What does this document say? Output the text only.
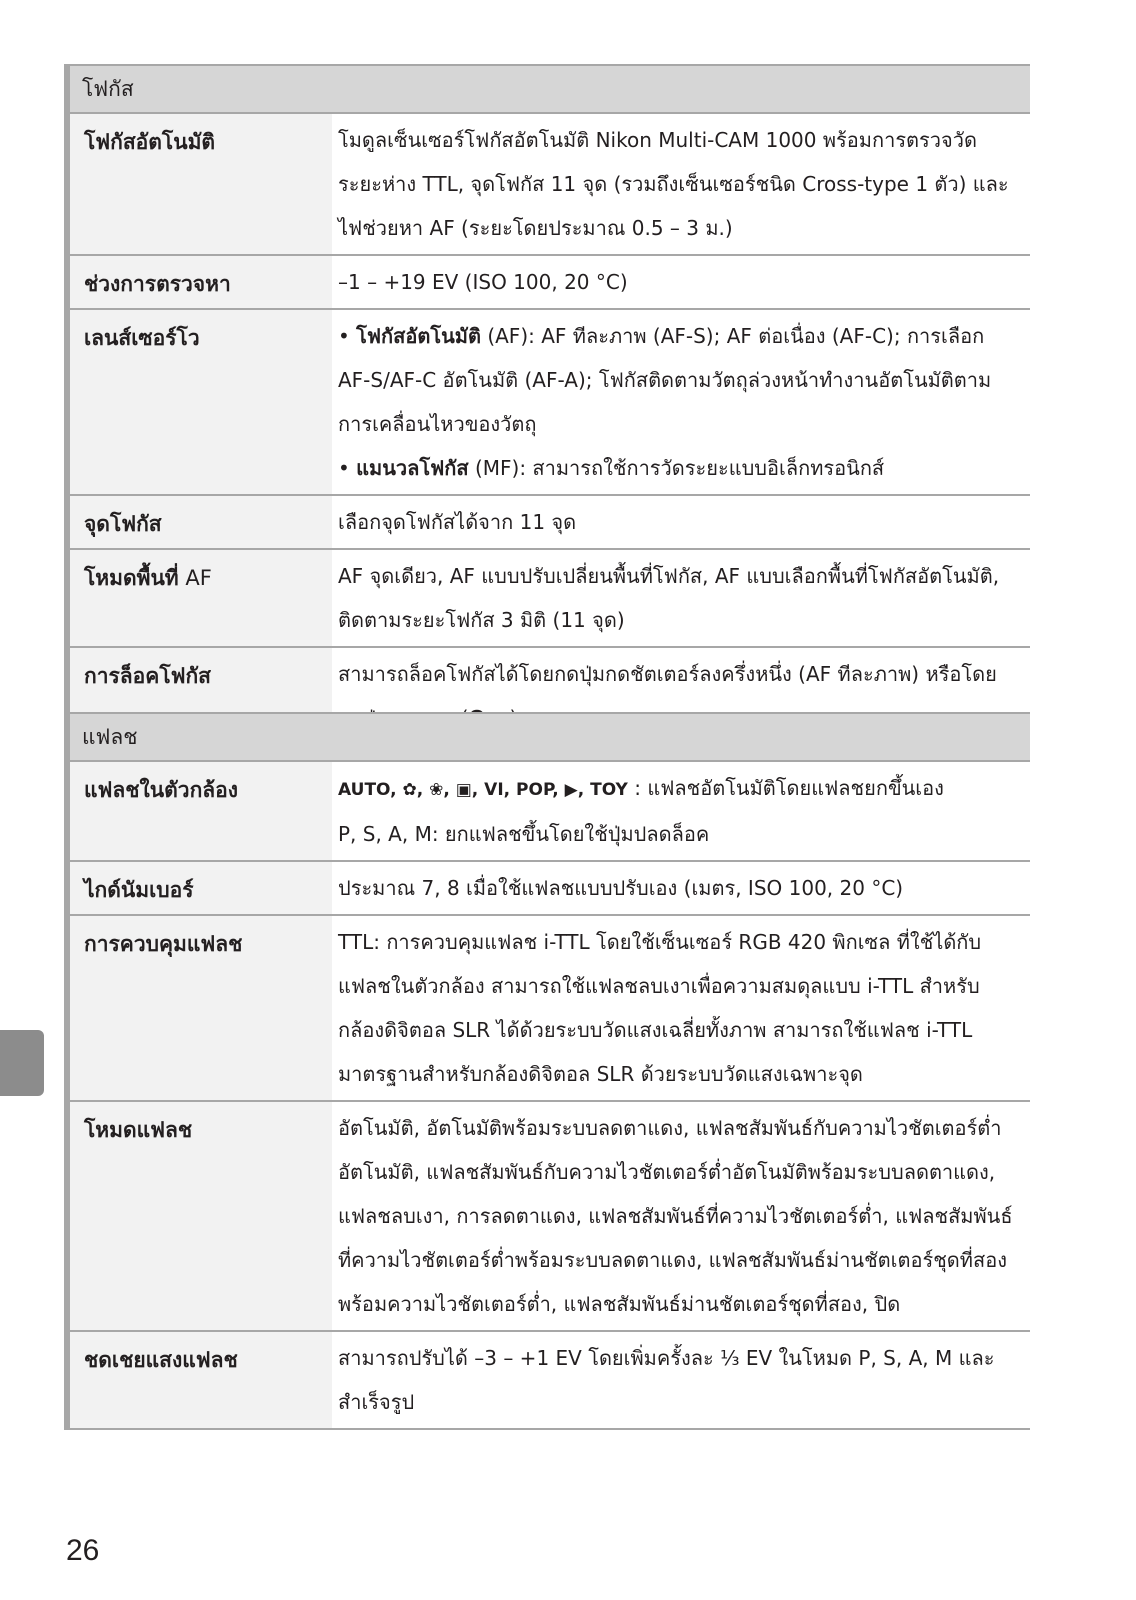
โฟกัส
โฟกัสอัตโนมัติ	โมดูลเซ็นเซอร์โฟกัสอัตโนมัติ Nikon Multi-CAM 1000 พร้อมการตรวจวัดระยะห่าง TTL, จุดโฟกัส 11 จุด (รวมถึงเซ็นเซอร์ชนิด Cross-type 1 ตัว) และไฟช่วยหา AF (ระยะโดยประมาณ 0.5 – 3 ม.)
ช่วงการตรวจหา	–1 – +19 EV (ISO 100, 20 °C)
เลนส์เซอร์โว	• โฟกัสอัตโนมัติ (AF): AF ทีละภาพ (AF-S); AF ต่อเนื่อง (AF-C); การเลือก AF-S/AF-C อัตโนมัติ (AF-A); โฟกัสติดตามวัตถุล่วงหน้าทำงานอัตโนมัติตามการเคลื่อนไหวของวัตถุ
• แมนวลโฟกัส (MF): สามารถใช้การวัดระยะแบบอิเล็กทรอนิกส์
จุดโฟกัส	เลือกจุดโฟกัสได้จาก 11 จุด
โหมดพื้นที่ AF	AF จุดเดียว, AF แบบปรับเปลี่ยนพื้นที่โฟกัส, AF แบบเลือกพื้นที่โฟกัสอัตโนมัติ, ติดตามระยะโฟกัส 3 มิติ (11 จุด)
การล็อคโฟกัส	สามารถล็อคโฟกัสได้โดยกดปุ่มกดชัตเตอร์ลงครึ่งหนึ่ง (AF ทีละภาพ) หรือโดย
แฟลช
แฟลชในตัวกล้อง	AUTO, ✿, ❀, ▣, VI, POP, ▶, TOY : แฟลชอัตโนมัติโดยแฟลชยกขึ้นเอง
P, S, A, M: ยกแฟลชขึ้นโดยใช้ปุ่มปลดล็อค
ไกด์นัมเบอร์	ประมาณ 7, 8 เมื่อใช้แฟลชแบบปรับเอง (เมตร, ISO 100, 20 °C)
การควบคุมแฟลช	TTL: การควบคุมแฟลช i-TTL โดยใช้เซ็นเซอร์ RGB 420 พิกเซล ที่ใช้ได้กับแฟลชในตัวกล้อง สามารถใช้แฟลชลบเงาเพื่อความสมดุลแบบ i-TTL สำหรับกล้องดิจิตอล SLR ได้ด้วยระบบวัดแสงเฉลี่ยทั้งภาพ สามารถใช้แฟลช i-TTL มาตรฐานสำหรับกล้องดิจิตอล SLR ด้วยระบบวัดแสงเฉพาะจุด
โหมดแฟลช	อัตโนมัติ, อัตโนมัติพร้อมระบบลดตาแดง, แฟลชสัมพันธ์กับความไวชัตเตอร์ต่ำอัตโนมัติ, แฟลชสัมพันธ์กับความไวชัตเตอร์ต่ำอัตโนมัติพร้อมระบบลดตาแดง, แฟลชลบเงา, การลดตาแดง, แฟลชสัมพันธ์ที่ความไวชัตเตอร์ต่ำ, แฟลชสัมพันธ์ที่ความไวชัตเตอร์ต่ำพร้อมระบบลดตาแดง, แฟลชสัมพันธ์ม่านชัตเตอร์ชุดที่สองพร้อมความไวชัตเตอร์ต่ำ, แฟลชสัมพันธ์ม่านชัตเตอร์ชุดที่สอง, ปิด
ชดเชยแสงแฟลช	สามารถปรับได้ –3 – +1 EV โดยเพิ่มครั้งละ ¹⁄₃ EV ในโหมด P, S, A, M และสำเร็จรูป
26
